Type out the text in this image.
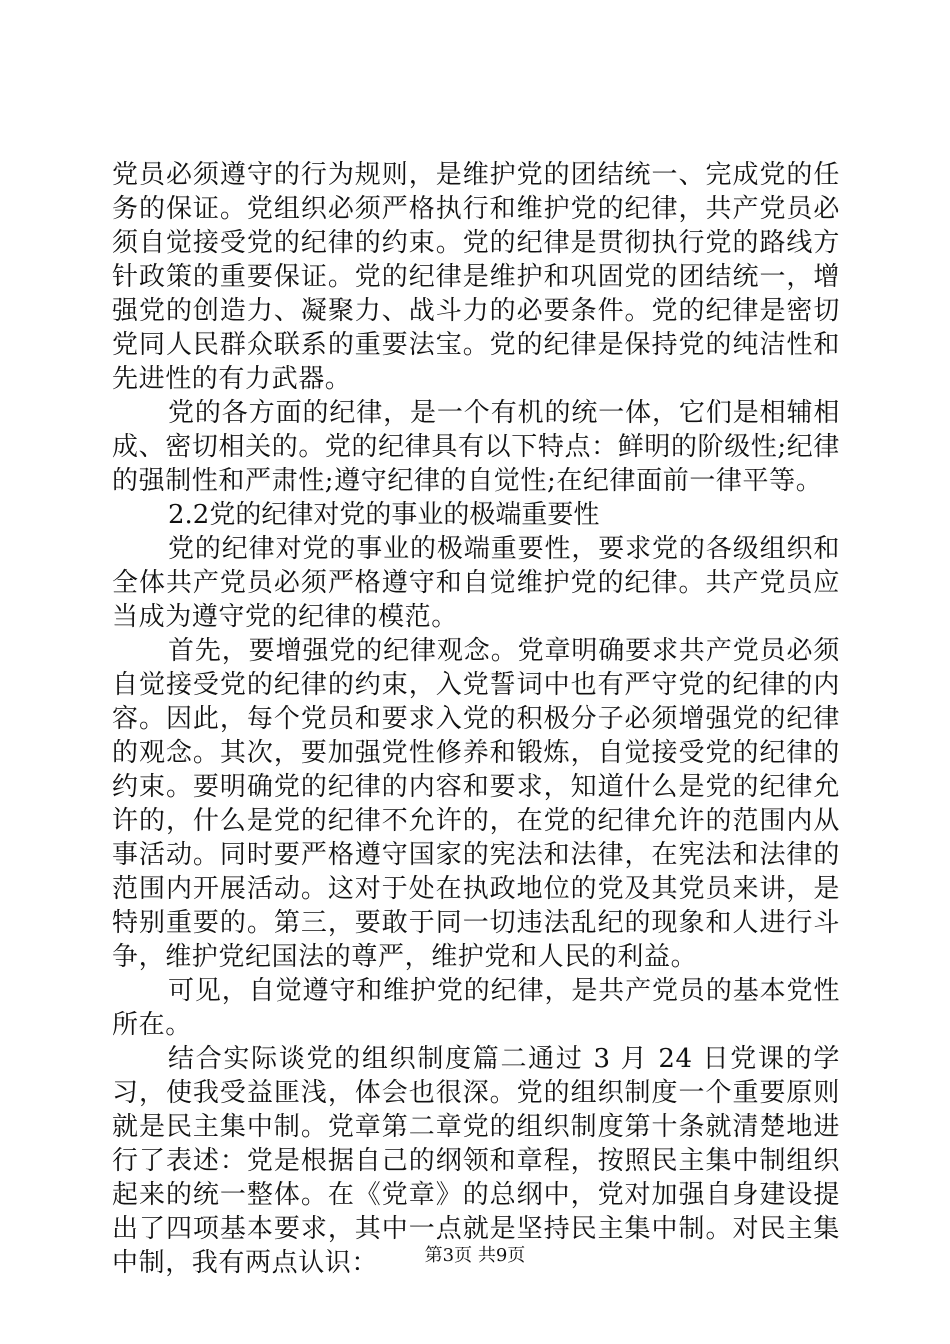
党员必须遵守的行为规则，是维护党的团结统一、完成党的任务的保证。党组织必须严格执行和维护党的纪律，共产党员必须自觉接受党的纪律的约束。党的纪律是贯彻执行党的路线方针政策的重要保证。党的纪律是维护和巩固党的团结统一，增强党的创造力、凝聚力、战斗力的必要条件。党的纪律是密切党同人民群众联系的重要法宝。党的纪律是保持党的纯洁性和先进性的有力武器。

党的各方面的纪律，是一个有机的统一体，它们是相辅相成、密切相关的。党的纪律具有以下特点：鲜明的阶级性;纪律的强制性和严肃性;遵守纪律的自觉性;在纪律面前一律平等。

2.2党的纪律对党的事业的极端重要性

党的纪律对党的事业的极端重要性，要求党的各级组织和全体共产党员必须严格遵守和自觉维护党的纪律。共产党员应当成为遵守党的纪律的模范。

首先，要增强党的纪律观念。党章明确要求共产党员必须自觉接受党的纪律的约束，入党誓词中也有严守党的纪律的内容。因此，每个党员和要求入党的积极分子必须增强党的纪律的观念。其次，要加强党性修养和锻炼，自觉接受党的纪律的约束。要明确党的纪律的内容和要求，知道什么是党的纪律允许的，什么是党的纪律不允许的，在党的纪律允许的范围内从事活动。同时要严格遵守国家的宪法和法律，在宪法和法律的范围内开展活动。这对于处在执政地位的党及其党员来讲，是特别重要的。第三，要敢于同一切违法乱纪的现象和人进行斗争，维护党纪国法的尊严，维护党和人民的利益。

可见，自觉遵守和维护党的纪律，是共产党员的基本党性所在。

结合实际谈党的组织制度篇二通过 3 月 24 日党课的学习，使我受益匪浅，体会也很深。党的组织制度一个重要原则就是民主集中制。党章第二章党的组织制度第十条就清楚地进行了表述：党是根据自己的纲领和章程，按照民主集中制组织起来的统一整体。在《党章》的总纲中，党对加强自身建设提出了四项基本要求，其中一点就是坚持民主集中制。对民主集中制，我有两点认识：	第3页 共9页
